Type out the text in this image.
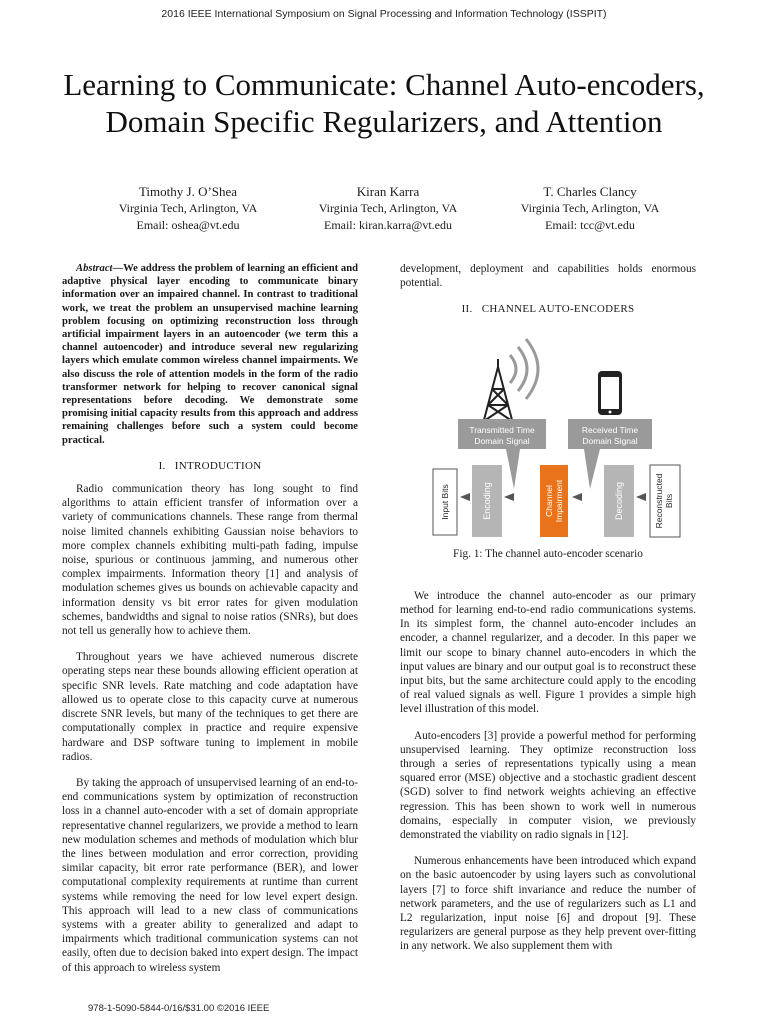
2016 IEEE International Symposium on Signal Processing and Information Technology (ISSPIT)
Learning to Communicate: Channel Auto-encoders,
Domain Specific Regularizers, and Attention
Timothy J. O’Shea
Virginia Tech, Arlington, VA
Email: oshea@vt.edu
Kiran Karra
Virginia Tech, Arlington, VA
Email: kiran.karra@vt.edu
T. Charles Clancy
Virginia Tech, Arlington, VA
Email: tcc@vt.edu

Abstract—We address the problem of learning an efficient and adaptive physical layer encoding to communicate binary information over an impaired channel. In contrast to traditional work, we treat the problem an unsupervised machine learning problem focusing on optimizing reconstruction loss through artificial impairment layers in an autoencoder (we term this a channel autoencoder) and introduce several new regularizing layers which emulate common wireless channel impairments. We also discuss the role of attention models in the form of the radio transformer network for helping to recover canonical signal representations before decoding. We demonstrate some promising initial capacity results from this approach and address remaining challenges before such a system could become practical.

I. INTRODUCTION

Radio communication theory has long sought to find algorithms to attain efficient transfer of information over a variety of communications channels. These range from thermal noise limited channels exhibiting Gaussian noise behaviors to more complex channels exhibiting multi-path fading, impulse noise, spurious or continuous jamming, and numerous other complex impairments. Information theory [1] and analysis of modulation schemes gives us bounds on achievable capacity and information density vs bit error rates for given modulation schemes, bandwidths and signal to noise ratios (SNRs), but does not tell us generally how to achieve them.

Throughout years we have achieved numerous discrete operating steps near these bounds allowing efficient operation at specific SNR levels. Rate matching and code adaptation have allowed us to operate close to this capacity curve at numerous discrete SNR levels, but many of the techniques to get there are computationally complex in practice and require expensive hardware and DSP software tuning to implement in mobile radios.

By taking the approach of unsupervised learning of an end-to-end communications system by optimization of reconstruction loss in a channel auto-encoder with a set of domain appropriate representative channel regularizers, we provide a method to learn new modulation schemes and methods of modulation which blur the lines between modulation and error correction, providing similar capacity, bit error rate performance (BER), and lower computational complexity requirements at runtime than current systems while removing the need for low level expert design. This approach will lead to a new class of communications systems with a greater ability to generalized and adapt to impairments which traditional communication systems can not easily, often due to decision baked into expert design. The impact of this approach to wireless system

development, deployment and capabilities holds enormous potential.

II. CHANNEL AUTO-ENCODERS

Transmitted Time
Domain Signal
Received Time
Domain Signal
Input Bits	Encoding	Channel Impairment	Decoding	Reconstructed Bits

Fig. 1: The channel auto-encoder scenario

We introduce the channel auto-encoder as our primary method for learning end-to-end radio communications systems. In its simplest form, the channel auto-encoder includes an encoder, a channel regularizer, and a decoder. In this paper we limit our scope to binary channel auto-encoders in which the input values are binary and our output goal is to reconstruct these input bits, but the same architecture could apply to the encoding of real valued signals as well. Figure 1 provides a simple high level illustration of this model.

Auto-encoders [3] provide a powerful method for performing unsupervised learning. They optimize reconstruction loss through a series of representations typically using a mean squared error (MSE) objective and a stochastic gradient descent (SGD) solver to find network weights achieving an effective regression. This has been shown to work well in numerous domains, especially in computer vision, we previously demonstrated the viability on radio signals in [12].

Numerous enhancements have been introduced which expand on the basic autoencoder by using layers such as convolutional layers [7] to force shift invariance and reduce the number of network parameters, and the use of regularizers such as L1 and L2 regularization, input noise [6] and dropout [9]. These regularizers are general purpose as they help prevent over-fitting in any network. We also supplement them with

978-1-5090-5844-0/16/$31.00 ©2016 IEEE
